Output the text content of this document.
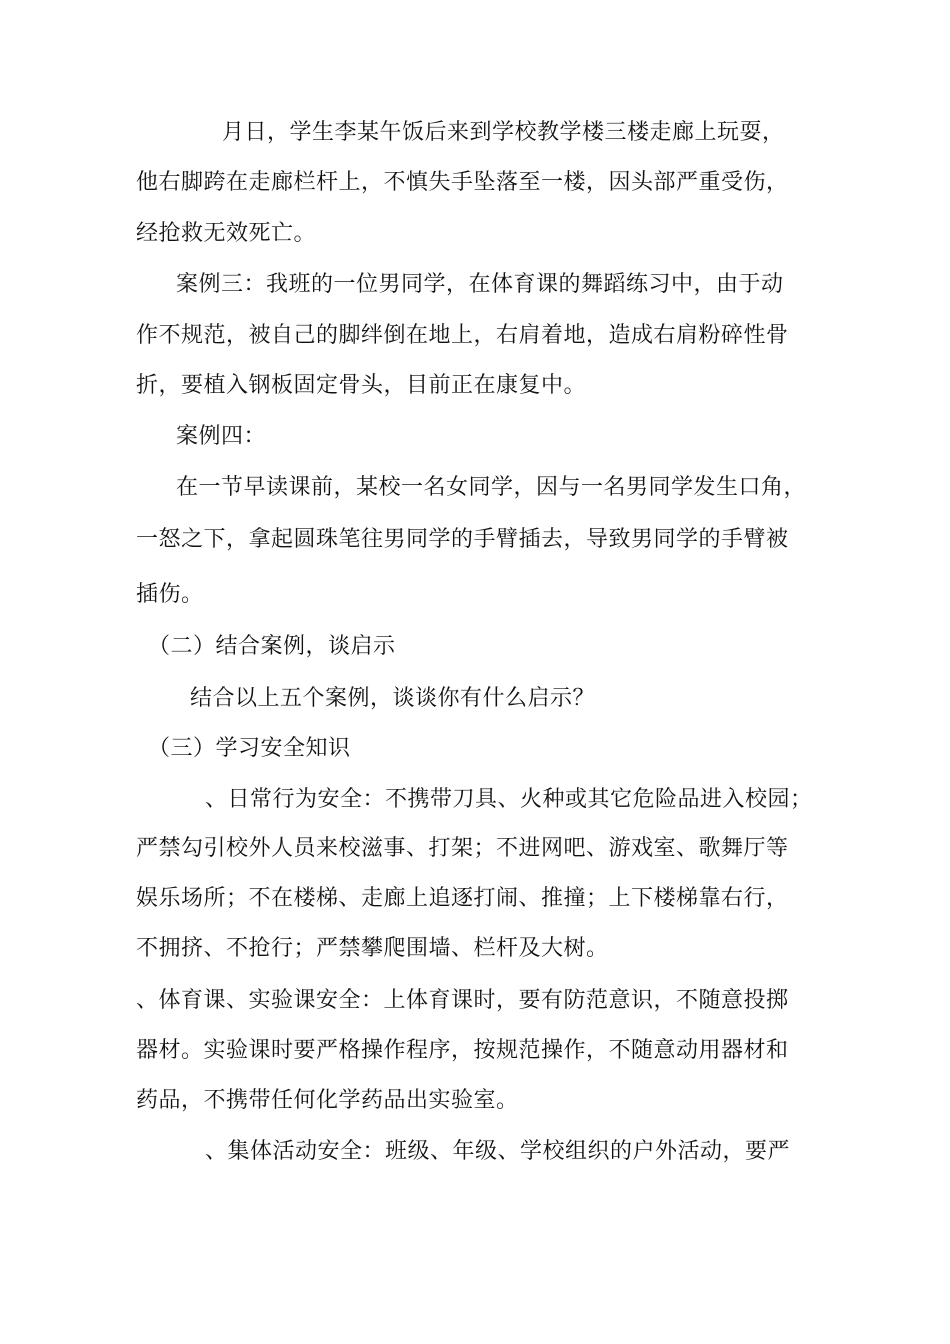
月日，学生李某午饭后来到学校教学楼三楼走廊上玩耍，
他右脚跨在走廊栏杆上，不慎失手坠落至一楼，因头部严重受伤，
经抢救无效死亡。
案例三：我班的一位男同学，在体育课的舞蹈练习中，由于动
作不规范，被自己的脚绊倒在地上，右肩着地，造成右肩粉碎性骨
折，要植入钢板固定骨头，目前正在康复中。
案例四：
在一节早读课前，某校一名女同学，因与一名男同学发生口角，
一怒之下，拿起圆珠笔往男同学的手臂插去，导致男同学的手臂被
插伤。
（二）结合案例，谈启示
结合以上五个案例，谈谈你有什么启示？
（三）学习安全知识
、日常行为安全：不携带刀具、火种或其它危险品进入校园；
严禁勾引校外人员来校滋事、打架；不进网吧、游戏室、歌舞厅等
娱乐场所；不在楼梯、走廊上追逐打闹、推撞；上下楼梯靠右行，
不拥挤、不抢行；严禁攀爬围墙、栏杆及大树。
、体育课、实验课安全：上体育课时，要有防范意识，不随意投掷
器材。实验课时要严格操作程序，按规范操作，不随意动用器材和
药品，不携带任何化学药品出实验室。
、集体活动安全：班级、年级、学校组织的户外活动，要严
